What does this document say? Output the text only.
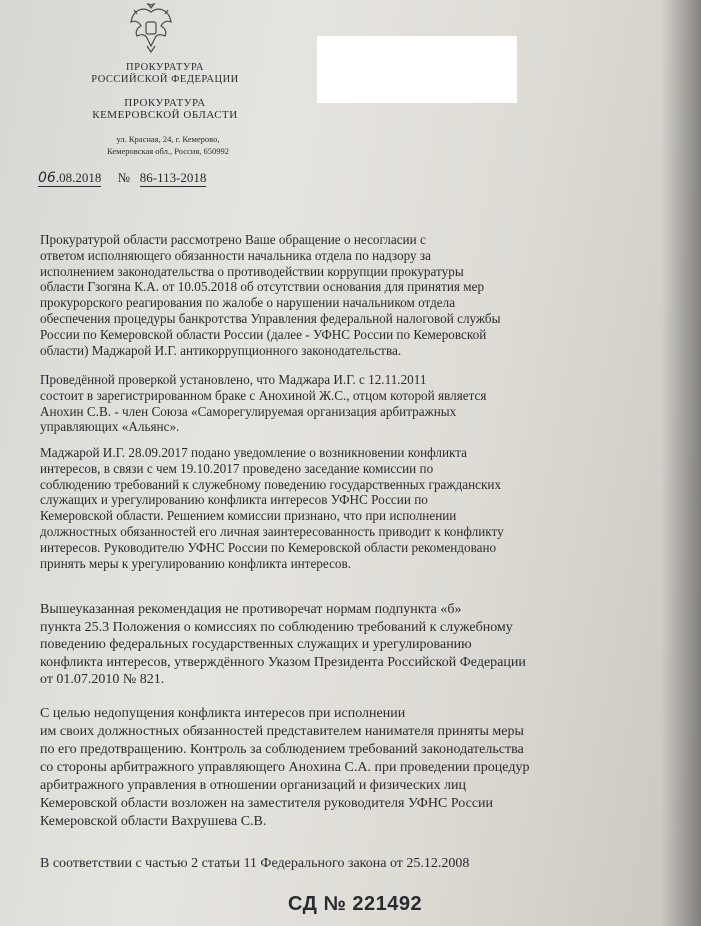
ПРОКУРАТУРА
РОССИЙСКОЙ ФЕДЕРАЦИИ
ПРОКУРАТУРА
КЕМЕРОВСКОЙ ОБЛАСТИ
ул. Красная, 24, г. Кемерово,
Кемеровская обл., Россия, 650992
06.08.2018 № 86-113-2018
Прокуратурой области рассмотрено Ваше обращение о несогласии с
ответом исполняющего обязанности начальника отдела по надзору за
исполнением законодательства о противодействии коррупции прокуратуры
области Гзогяна К.А. от 10.05.2018 об отсутствии основания для принятия мер
прокурорского реагирования по жалобе о нарушении начальником отдела
обеспечения процедуры банкротства Управления федеральной налоговой службы
России по Кемеровской области России (далее - УФНС России по Кемеровской
области) Маджарой И.Г. антикоррупционного законодательства.
Проведённой проверкой установлено, что Маджара И.Г. с 12.11.2011
состоит в зарегистрированном браке с Анохиной Ж.С., отцом которой является
Анохин С.В. - член Союза «Саморегулируемая организация арбитражных
управляющих «Альянс».
Маджарой И.Г. 28.09.2017 подано уведомление о возникновении конфликта
интересов, в связи с чем 19.10.2017 проведено заседание комиссии по
соблюдению требований к служебному поведению государственных гражданских
служащих и урегулированию конфликта интересов УФНС России по
Кемеровской области. Решением комиссии признано, что при исполнении
должностных обязанностей его личная заинтересованность приводит к конфликту
интересов. Руководителю УФНС России по Кемеровской области рекомендовано
принять меры к урегулированию конфликта интересов.
Вышеуказанная рекомендация не противоречат нормам подпункта «б»
пункта 25.3 Положения о комиссиях по соблюдению требований к служебному
поведению федеральных государственных служащих и урегулированию
конфликта интересов, утверждённого Указом Президента Российской Федерации
от 01.07.2010 № 821.
С целью недопущения конфликта интересов при исполнении
им своих должностных обязанностей представителем нанимателя приняты меры
по его предотвращению. Контроль за соблюдением требований законодательства
со стороны арбитражного управляющего Анохина С.А. при проведении процедур
арбитражного управления в отношении организаций и физических лиц
Кемеровской области возложен на заместителя руководителя УФНС России
Кемеровской области Вахрушева С.В.
В соответствии с частью 2 статьи 11 Федерального закона от 25.12.2008
СД № 221492
